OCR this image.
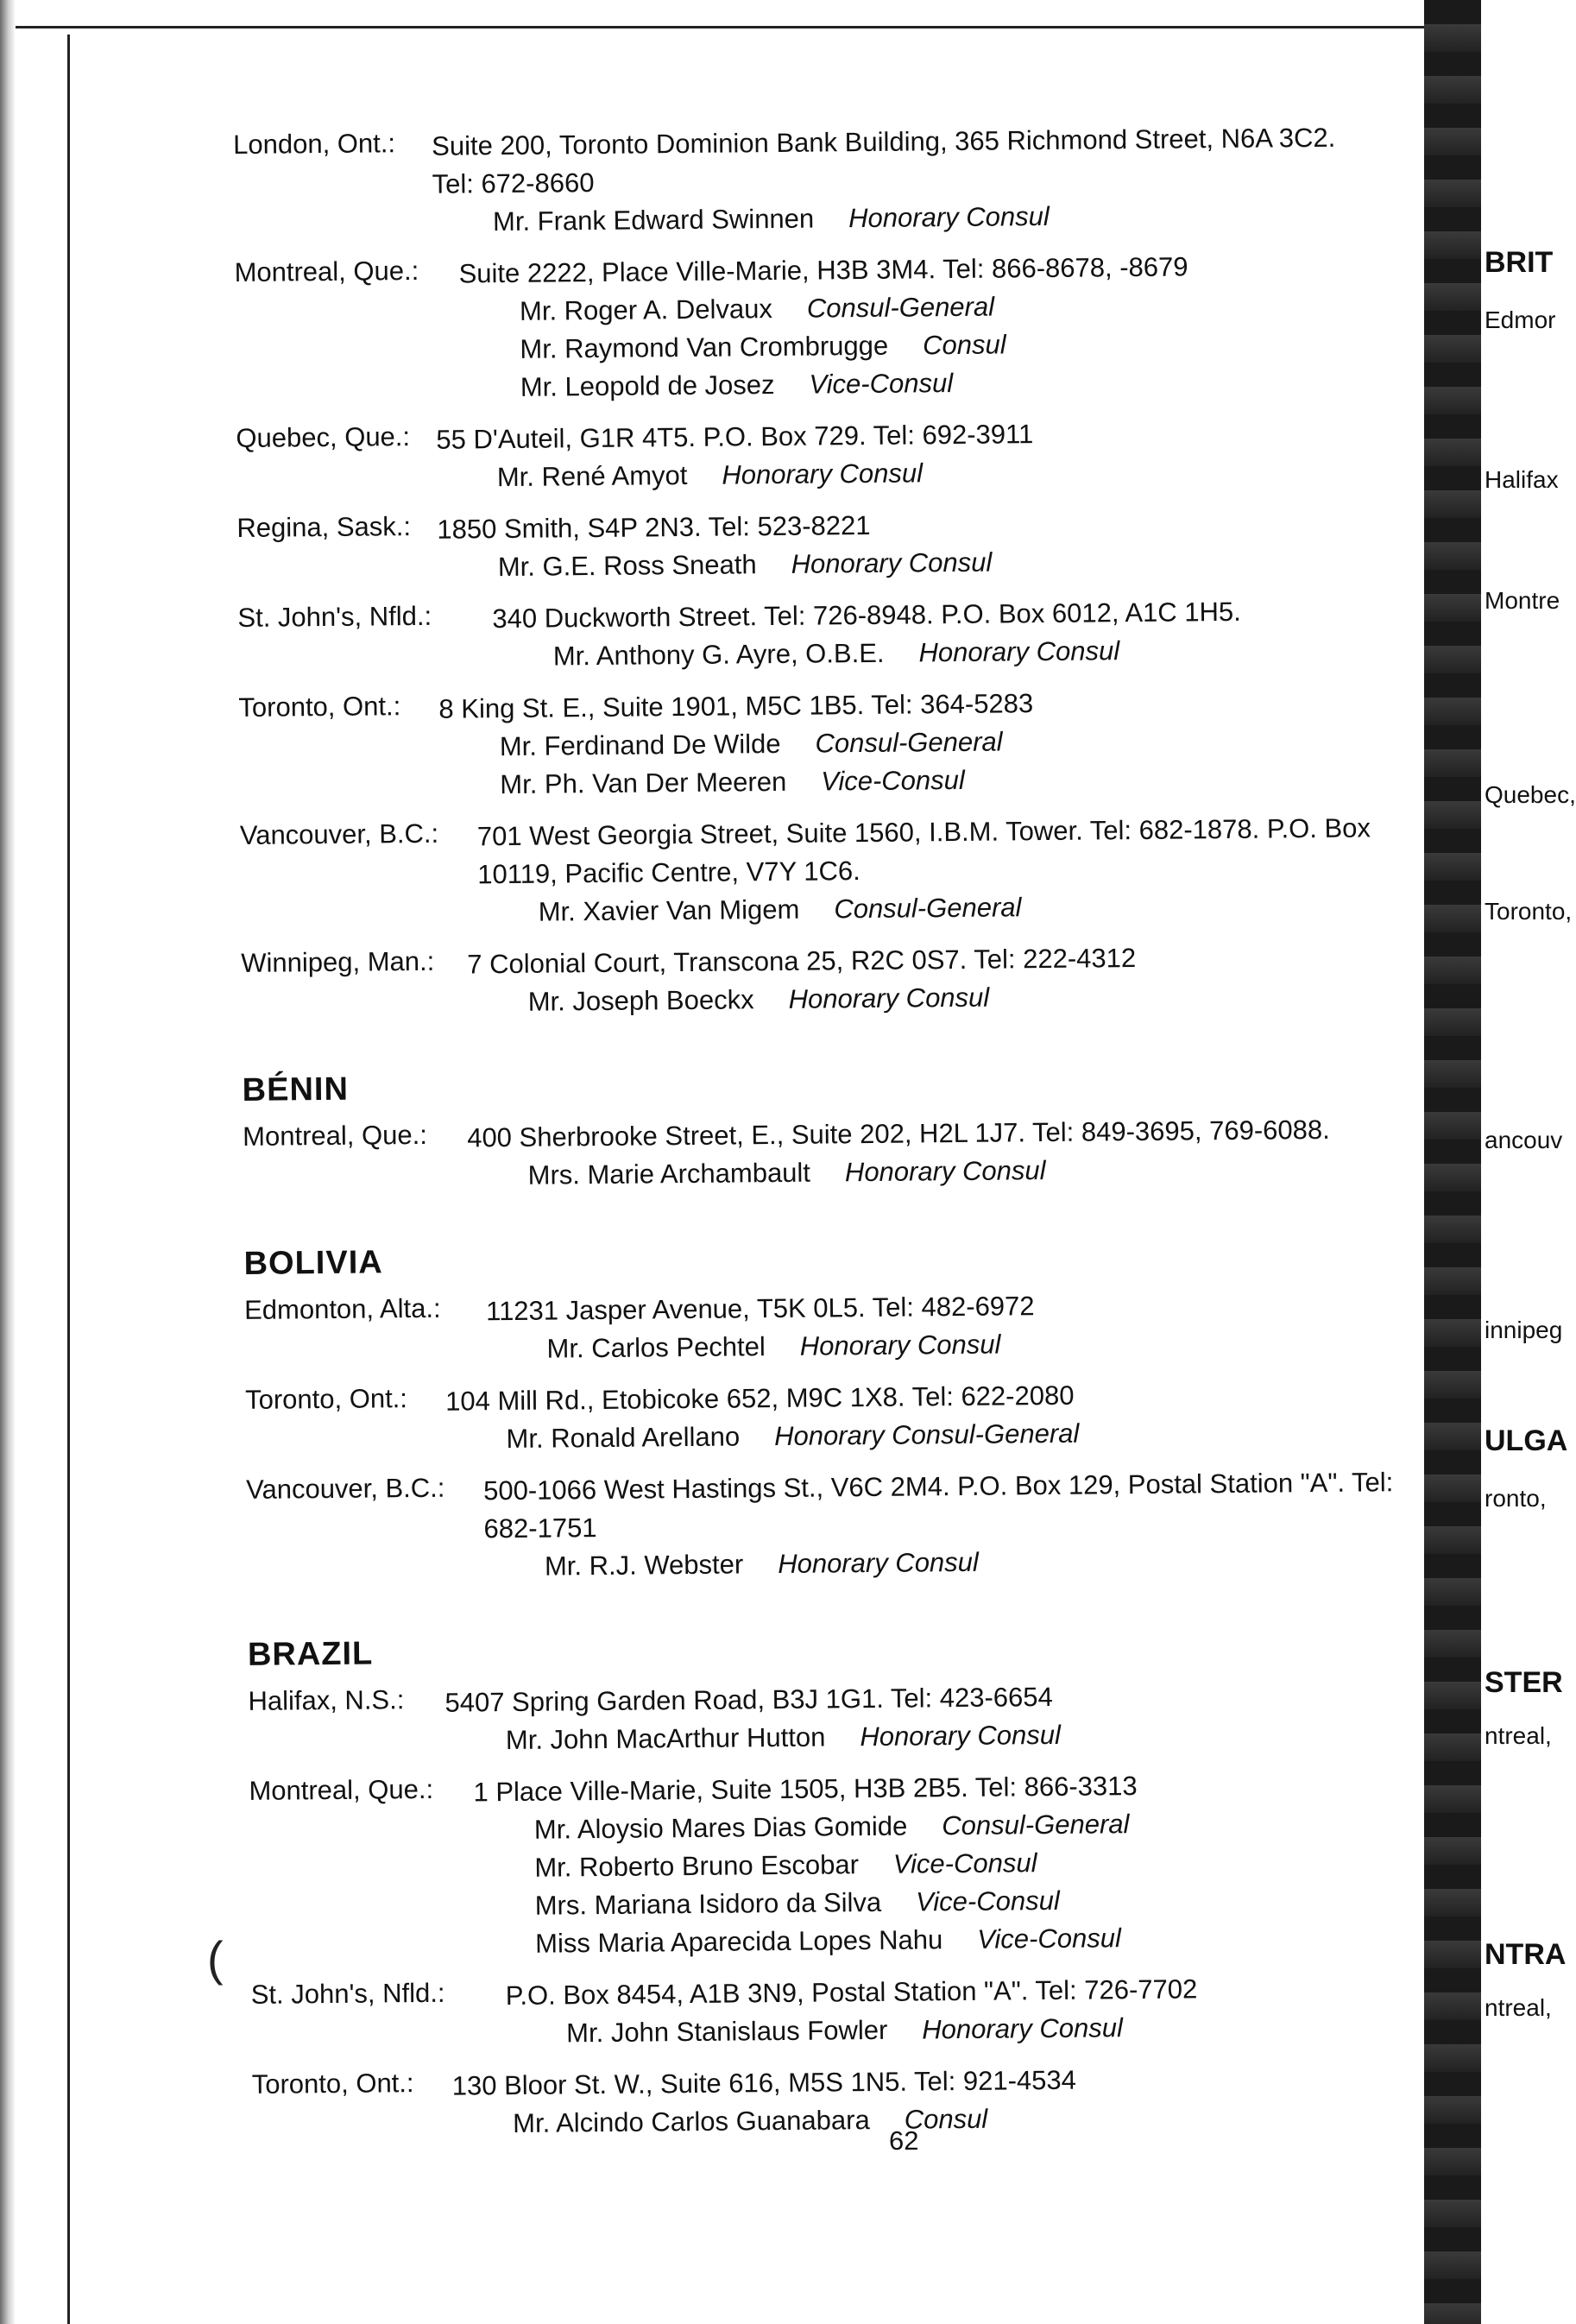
BRIT
Edmor
Halifax
Montre
Quebec,
Toronto,
ancouv
innipeg
ULGA
ronto,
STER
ntreal,
NTRA
ntreal,
London, Ont.: Suite 200, Toronto Dominion Bank Building, 365 Richmond Street, N6A 3C2.
Tel: 672-8660
Mr. Frank Edward Swinnen Honorary Consul
Montreal, Que.: Suite 2222, Place Ville-Marie, H3B 3M4. Tel: 866-8678, -8679
Mr. Roger A. Delvaux Consul-General
Mr. Raymond Van Crombrugge Consul
Mr. Leopold de Josez Vice-Consul
Quebec, Que.: 55 D'Auteil, G1R 4T5. P.O. Box 729. Tel: 692-3911
Mr. René Amyot Honorary Consul
Regina, Sask.: 1850 Smith, S4P 2N3. Tel: 523-8221
Mr. G.E. Ross Sneath Honorary Consul
St. John's, Nfld.: 340 Duckworth Street. Tel: 726-8948. P.O. Box 6012, A1C 1H5.
Mr. Anthony G. Ayre, O.B.E. Honorary Consul
Toronto, Ont.: 8 King St. E., Suite 1901, M5C 1B5. Tel: 364-5283
Mr. Ferdinand De Wilde Consul-General
Mr. Ph. Van Der Meeren Vice-Consul
Vancouver, B.C.: 701 West Georgia Street, Suite 1560, I.B.M. Tower. Tel: 682-1878. P.O. Box
10119, Pacific Centre, V7Y 1C6.
Mr. Xavier Van Migem Consul-General
Winnipeg, Man.: 7 Colonial Court, Transcona 25, R2C 0S7. Tel: 222-4312
Mr. Joseph Boeckx Honorary Consul
BÉNIN
Montreal, Que.: 400 Sherbrooke Street, E., Suite 202, H2L 1J7. Tel: 849-3695, 769-6088.
Mrs. Marie Archambault Honorary Consul
BOLIVIA
Edmonton, Alta.: 11231 Jasper Avenue, T5K 0L5. Tel: 482-6972
Mr. Carlos Pechtel Honorary Consul
Toronto, Ont.: 104 Mill Rd., Etobicoke 652, M9C 1X8. Tel: 622-2080
Mr. Ronald Arellano Honorary Consul-General
Vancouver, B.C.: 500-1066 West Hastings St., V6C 2M4. P.O. Box 129, Postal Station "A". Tel:
682-1751
Mr. R.J. Webster Honorary Consul
BRAZIL
Halifax, N.S.: 5407 Spring Garden Road, B3J 1G1. Tel: 423-6654
Mr. John MacArthur Hutton Honorary Consul
Montreal, Que.: 1 Place Ville-Marie, Suite 1505, H3B 2B5. Tel: 866-3313
Mr. Aloysio Mares Dias Gomide Consul-General
Mr. Roberto Bruno Escobar Vice-Consul
Mrs. Mariana Isidoro da Silva Vice-Consul
Miss Maria Aparecida Lopes Nahu Vice-Consul
St. John's, Nfld.: P.O. Box 8454, A1B 3N9, Postal Station "A". Tel: 726-7702
Mr. John Stanislaus Fowler Honorary Consul
Toronto, Ont.: 130 Bloor St. W., Suite 616, M5S 1N5. Tel: 921-4534
Mr. Alcindo Carlos Guanabara Consul
(
62
